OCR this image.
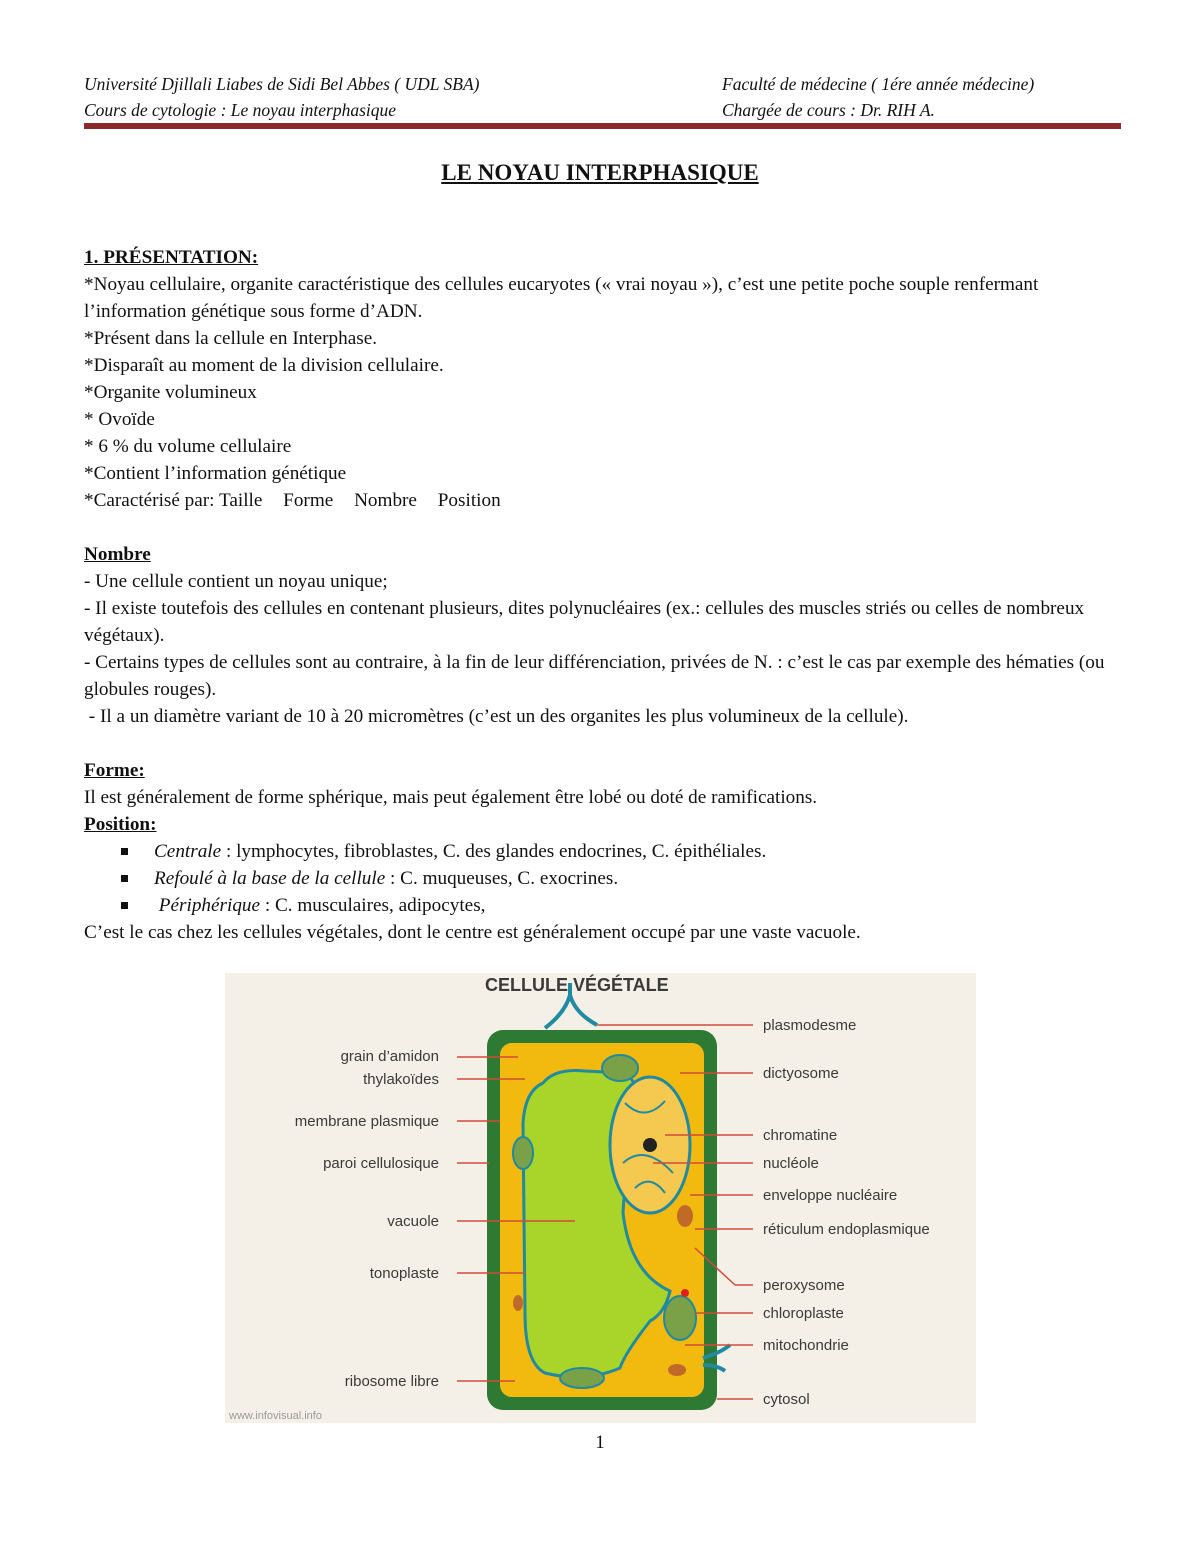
Université Djillali Liabes de Sidi Bel Abbes ( UDL SBA)	Faculté de médecine ( 1ére année médecine)
Cours de cytologie : Le noyau interphasique	Chargée de cours : Dr. RIH A.
LE NOYAU INTERPHASIQUE

1. PRÉSENTATION:

*Noyau cellulaire, organite caractéristique des cellules eucaryotes (« vrai noyau »), c’est une petite poche souple renfermant l’information génétique sous forme d’ADN.

*Présent dans la cellule en Interphase.

*Disparaît au moment de la division cellulaire.

*Organite volumineux

* Ovoïde

* 6 % du volume cellulaire

*Contient l’information génétique

*Caractérisé par: Taille Forme Nombre Position

Nombre

- Une cellule contient un noyau unique;

- Il existe toutefois des cellules en contenant plusieurs, dites polynucléaires (ex.: cellules des muscles striés ou celles de nombreux végétaux).

- Certains types de cellules sont au contraire, à la fin de leur différenciation, privées de N. : c’est le cas par exemple des hématies (ou globules rouges).

- Il a un diamètre variant de 10 à 20 micromètres (c’est un des organites les plus volumineux de la cellule).

Forme:

Il est généralement de forme sphérique, mais peut également être lobé ou doté de ramifications.

Position:

Centrale : lymphocytes, fibroblastes, C. des glandes endocrines, C. épithéliales.

Refoulé à la base de la cellule : C. muqueuses, C. exocrines.

Périphérique : C. musculaires, adipocytes,

C’est le cas chez les cellules végétales, dont le centre est généralement occupé par une vaste vacuole.

CELLULE VÉGÉTALE
grain d’amidon
thylakoïdes
membrane plasmique
paroi cellulosique
vacuole
tonoplaste
ribosome libre
plasmodesme
dictyosome
chromatine
nucléole
enveloppe nucléaire
réticulum endoplasmique
peroxysome
chloroplaste
mitochondrie
cytosol
www.infovisual.info
1
